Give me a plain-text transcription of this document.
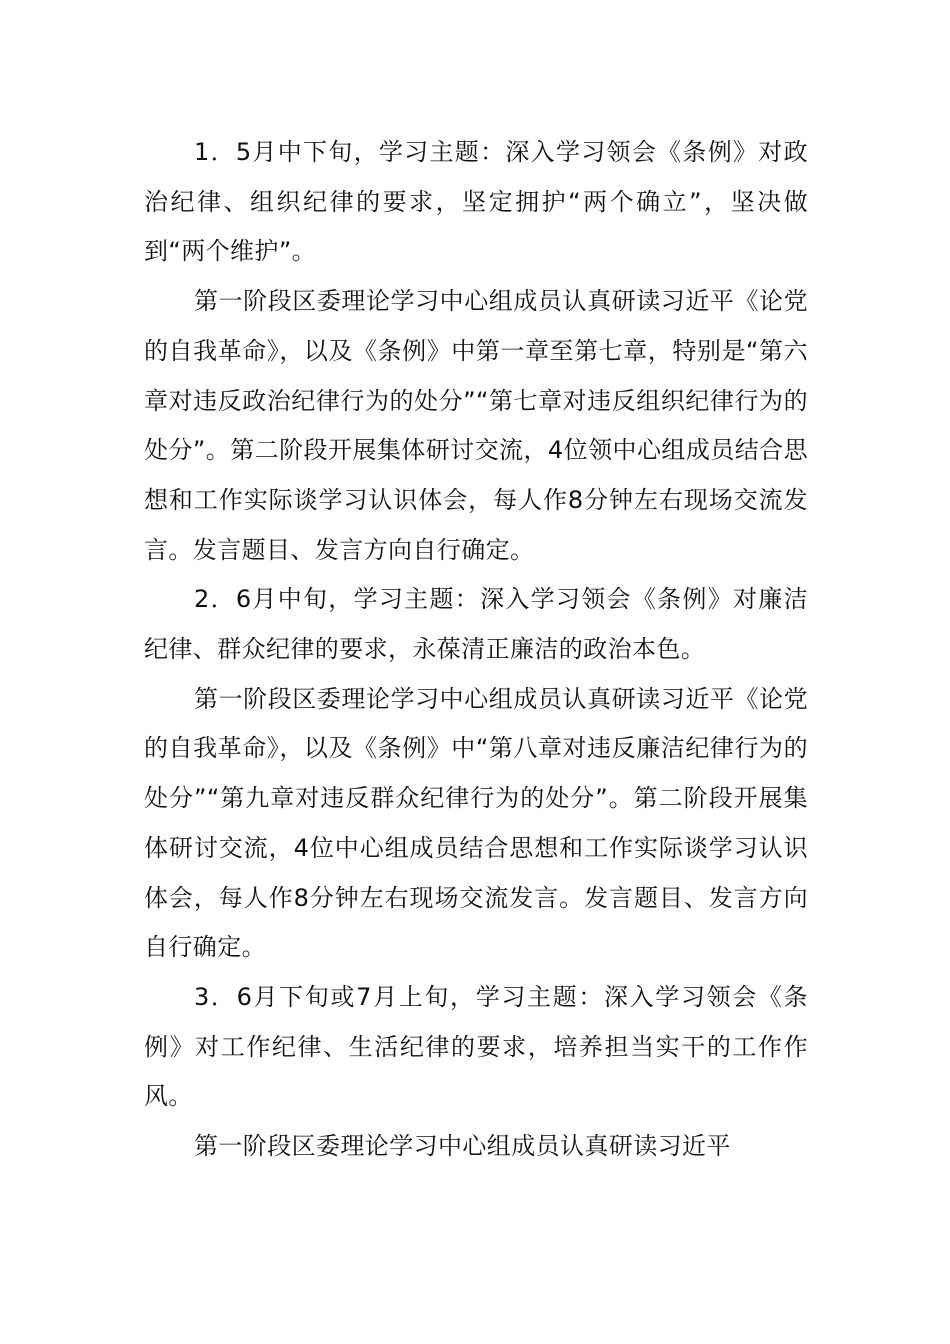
1．5月中下旬，学习主题：深入学习领会《条例》对政治纪律、组织纪律的要求，坚定拥护“两个确立”，坚决做到“两个维护”。

第一阶段区委理论学习中心组成员认真研读习近平《论党的自我革命》，以及《条例》中第一章至第七章，特别是“第六章对违反政治纪律行为的处分”“第七章对违反组织纪律行为的处分”。第二阶段开展集体研讨交流，4位领中心组成员结合思想和工作实际谈学习认识体会，每人作8分钟左右现场交流发言。发言题目、发言方向自行确定。

2．6月中旬，学习主题：深入学习领会《条例》对廉洁纪律、群众纪律的要求，永葆清正廉洁的政治本色。

第一阶段区委理论学习中心组成员认真研读习近平《论党的自我革命》，以及《条例》中“第八章对违反廉洁纪律行为的处分”“第九章对违反群众纪律行为的处分”。第二阶段开展集体研讨交流，4位中心组成员结合思想和工作实际谈学习认识体会，每人作8分钟左右现场交流发言。发言题目、发言方向自行确定。

3．6月下旬或7月上旬，学习主题：深入学习领会《条例》对工作纪律、生活纪律的要求，培养担当实干的工作作风。

第一阶段区委理论学习中心组成员认真研读习近平
